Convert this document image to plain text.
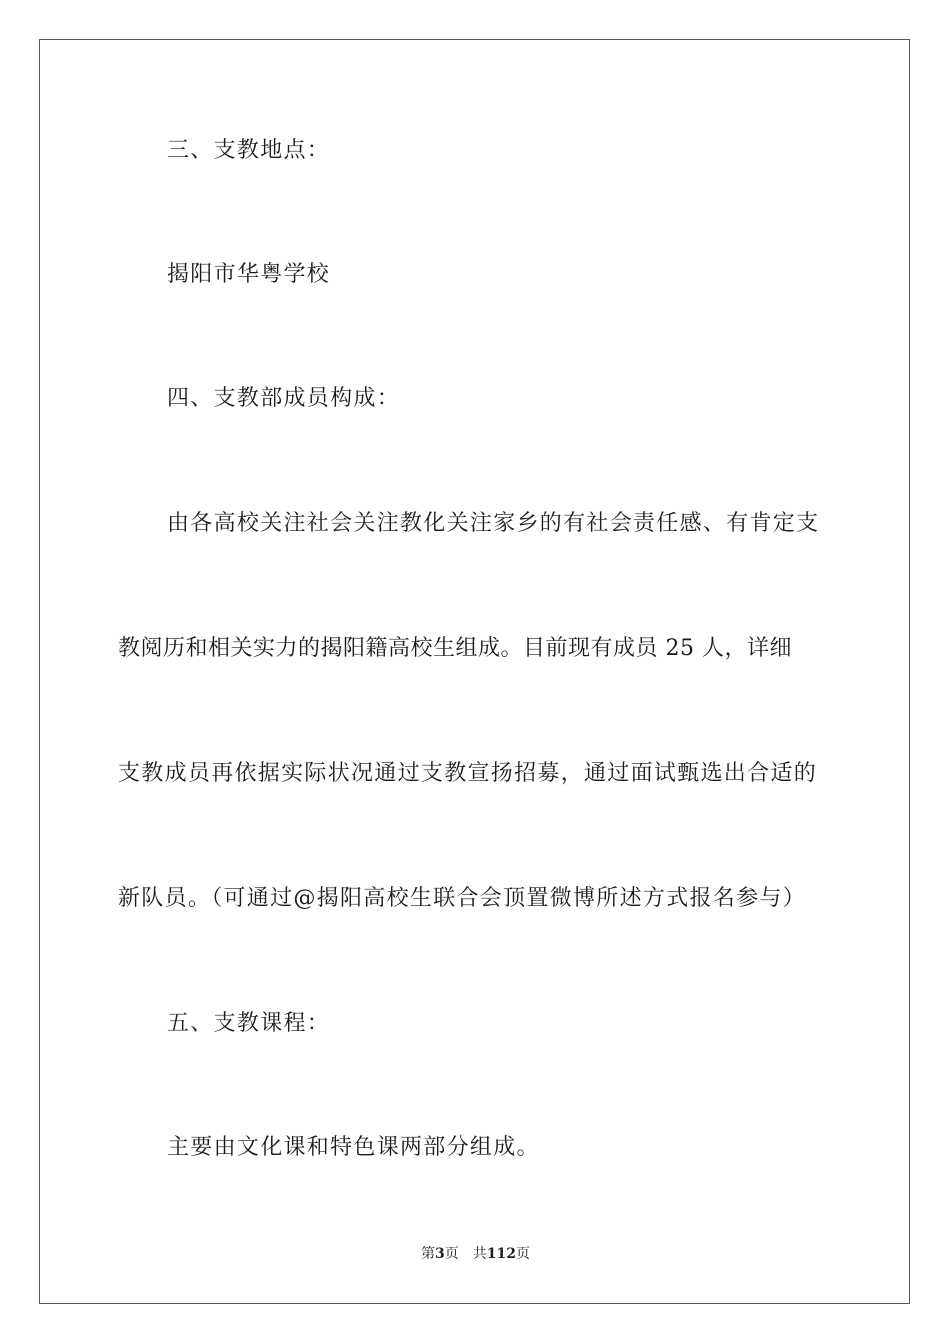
三、支教地点：
揭阳市华粤学校
四、支教部成员构成：
由各高校关注社会关注教化关注家乡的有社会责任感、有肯定支
教阅历和相关实力的揭阳籍高校生组成。目前现有成员 25 人，详细
支教成员再依据实际状况通过支教宣扬招募，通过面试甄选出合适的
新队员。（可通过@揭阳高校生联合会顶置微博所述方式报名参与）
五、支教课程：
主要由文化课和特色课两部分组成。
第3页 共112页
